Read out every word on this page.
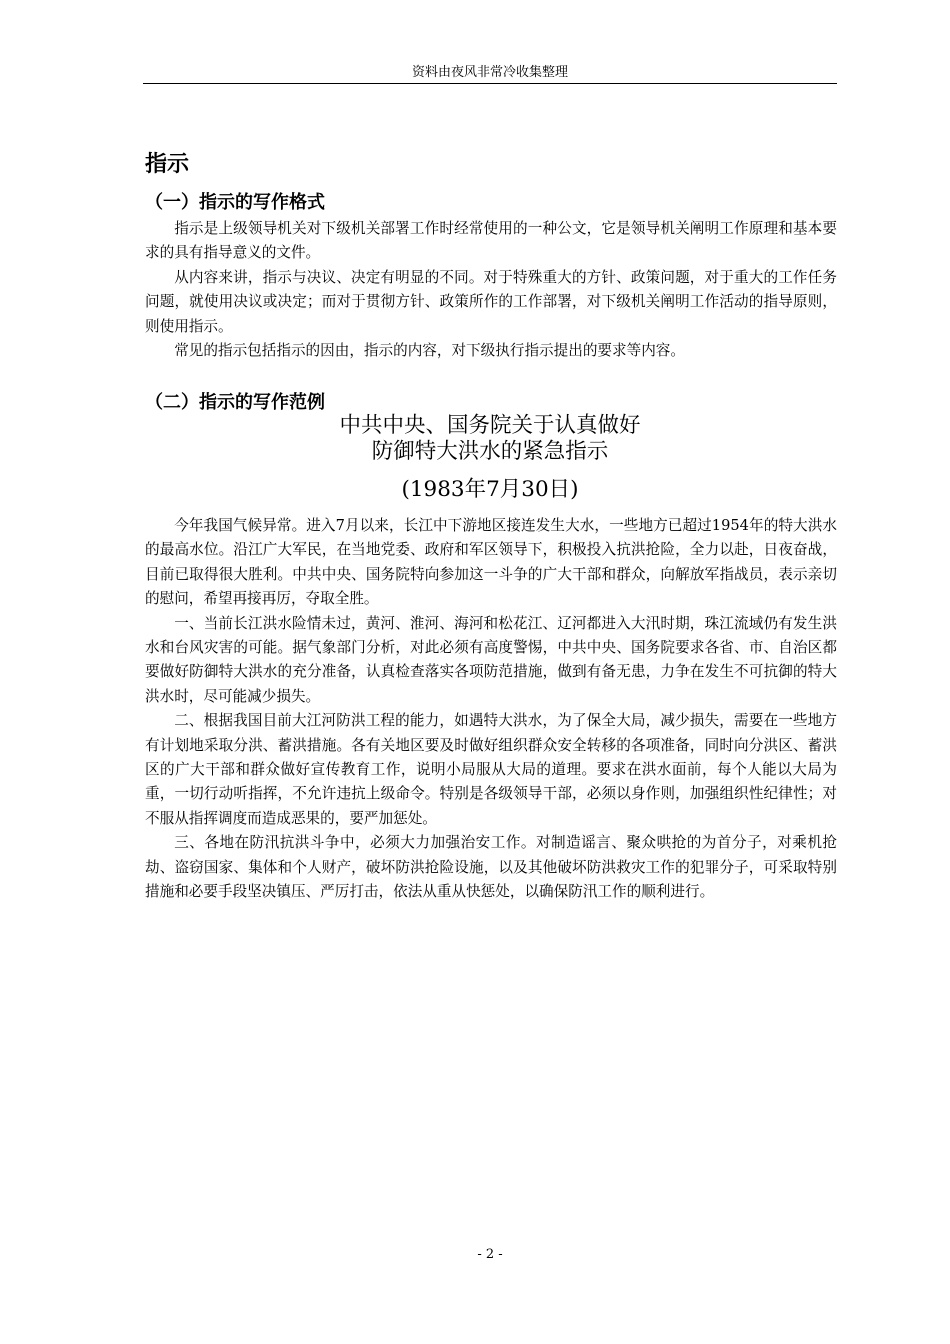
资料由夜风非常冷收集整理
指示
（一）指示的写作格式

指示是上级领导机关对下级机关部署工作时经常使用的一种公文，它是领导机关阐明工作原理和基本要求的具有指导意义的文件。

从内容来讲，指示与决议、决定有明显的不同。对于特殊重大的方针、政策问题，对于重大的工作任务问题，就使用决议或决定；而对于贯彻方针、政策所作的工作部署，对下级机关阐明工作活动的指导原则，则使用指示。

常见的指示包括指示的因由，指示的内容，对下级执行指示提出的要求等内容。

（二）指示的写作范例
中共中央、国务院关于认真做好
防御特大洪水的紧急指示
(1983年7月30日)

今年我国气候异常。进入7月以来，长江中下游地区接连发生大水，一些地方已超过1954年的特大洪水的最高水位。沿江广大军民，在当地党委、政府和军区领导下，积极投入抗洪抢险，全力以赴，日夜奋战，目前已取得很大胜利。中共中央、国务院特向参加这一斗争的广大干部和群众，向解放军指战员，表示亲切的慰问，希望再接再厉，夺取全胜。

一、当前长江洪水险情未过，黄河、淮河、海河和松花江、辽河都进入大汛时期，珠江流域仍有发生洪水和台风灾害的可能。据气象部门分析，对此必须有高度警惕，中共中央、国务院要求各省、市、自治区都要做好防御特大洪水的充分准备，认真检查落实各项防范措施，做到有备无患，力争在发生不可抗御的特大洪水时，尽可能减少损失。

二、根据我国目前大江河防洪工程的能力，如遇特大洪水，为了保全大局，减少损失，需要在一些地方有计划地采取分洪、蓄洪措施。各有关地区要及时做好组织群众安全转移的各项准备，同时向分洪区、蓄洪区的广大干部和群众做好宣传教育工作，说明小局服从大局的道理。要求在洪水面前，每个人能以大局为重，一切行动听指挥，不允许违抗上级命令。特别是各级领导干部，必须以身作则，加强组织性纪律性；对不服从指挥调度而造成恶果的，要严加惩处。

三、各地在防汛抗洪斗争中，必须大力加强治安工作。对制造谣言、聚众哄抢的为首分子，对乘机抢劫、盗窃国家、集体和个人财产，破坏防洪抢险设施，以及其他破坏防洪救灾工作的犯罪分子，可采取特别措施和必要手段坚决镇压、严厉打击，依法从重从快惩处，以确保防汛工作的顺利进行。

- 2 -
